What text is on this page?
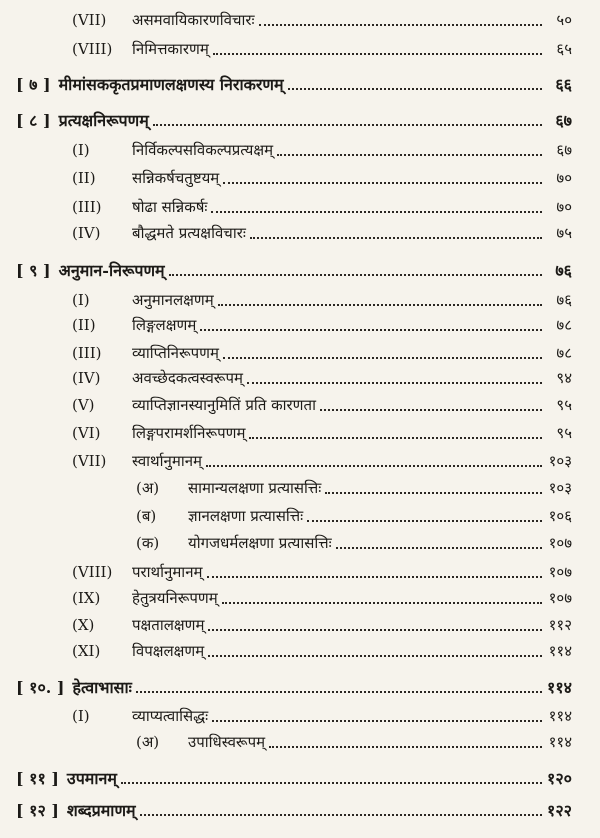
(VII)	असमवायिकारणविचारः	५०
(VIII)	निमित्तकारणम्	६५
[ ७ ] मीमांसककृतप्रमाणलक्षणस्य निराकरणम्	६६
[ ८ ] प्रत्यक्षनिरूपणम्	६७
(I)	निर्विकल्पसविकल्पप्रत्यक्षम्	६७
(II)	सन्निकर्षचतुष्टयम्	७०
(III)	षोढा सन्निकर्षः	७०
(IV)	बौद्धमते प्रत्यक्षविचारः	७५
[ ९ ] अनुमान-निरूपणम्	७६
(I)	अनुमानलक्षणम्	७६
(II)	लिङ्गलक्षणम्	७८
(III)	व्याप्तिनिरूपणम्	७८
(IV)	अवच्छेदकत्वस्वरूपम्	९४
(V)	व्याप्तिज्ञानस्यानुमितिं प्रति कारणता	९५
(VI)	लिङ्गपरामर्शनिरूपणम्	९५
(VII)	स्वार्थानुमानम्	१०३
(अ)	सामान्यलक्षणा प्रत्यासत्तिः	१०३
(ब)	ज्ञानलक्षणा प्रत्यासत्तिः	१०६
(क)	योगजधर्मलक्षणा प्रत्यासत्तिः	१०७
(VIII)	परार्थानुमानम्	१०७
(IX)	हेतुत्रयनिरूपणम्	१०७
(X)	पक्षतालक्षणम्	११२
(XI)	विपक्षलक्षणम्	११४
[ १०. ] हेत्वाभासाः	११४
(I)	व्याप्यत्वासिद्धः	११४
(अ)	उपाधिस्वरूपम्	११४
[ ११ ] उपमानम्	१२०
[ १२ ] शब्दप्रमाणम्	१२२
